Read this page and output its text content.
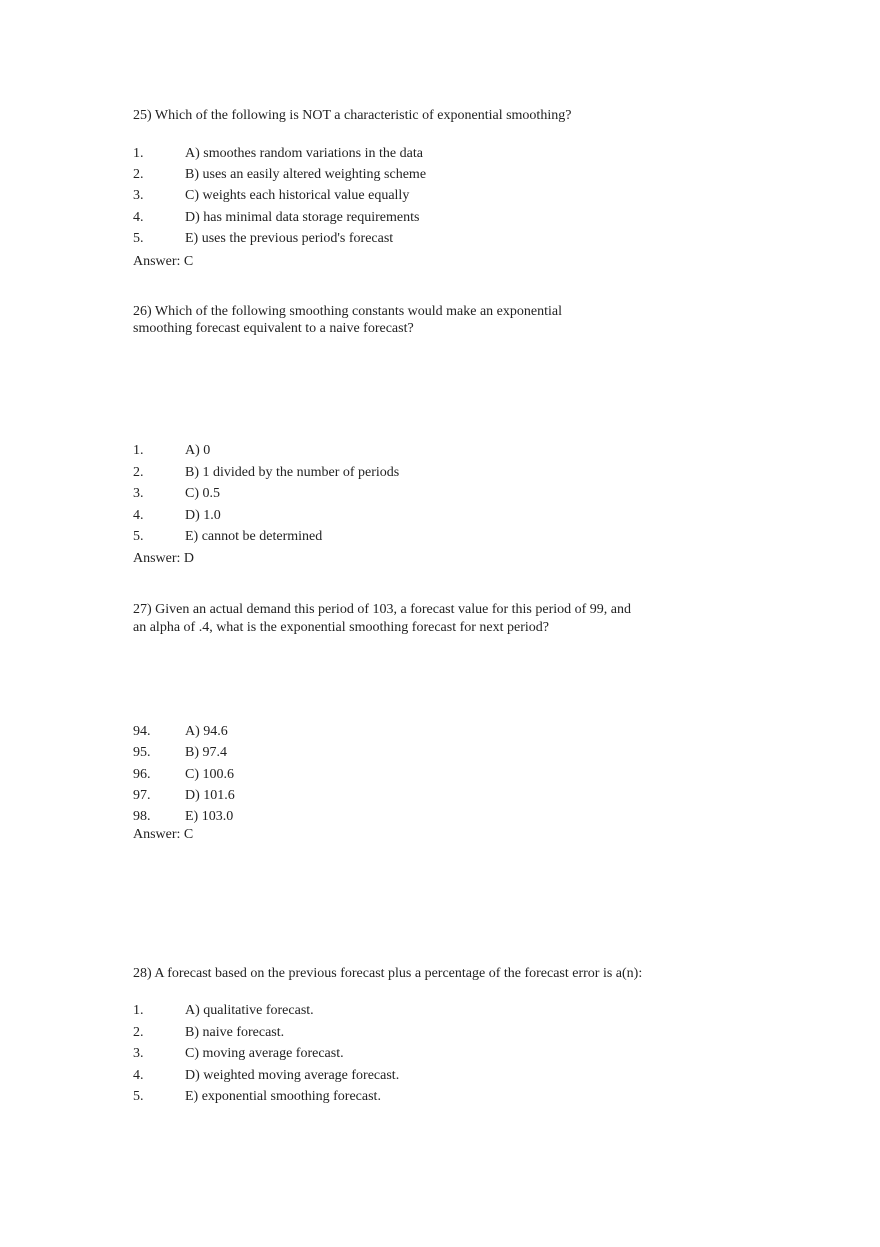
25) Which of the following is NOT a characteristic of exponential smoothing?
1.	A) smoothes random variations in the data
2.	B) uses an easily altered weighting scheme
3.	C) weights each historical value equally
4.	D) has minimal data storage requirements
5.	E) uses the previous period's forecast
Answer: C
26) Which of the following smoothing constants would make an exponential
smoothing forecast equivalent to a naive forecast?
1.	A) 0
2.	B) 1 divided by the number of periods
3.	C) 0.5
4.	D) 1.0
5.	E) cannot be determined
Answer: D
27) Given an actual demand this period of 103, a forecast value for this period of 99, and
an alpha of .4, what is the exponential smoothing forecast for next period?
94. A) 94.6
95. B) 97.4
96. C) 100.6
97. D) 101.6
98. E) 103.0
Answer: C
28) A forecast based on the previous forecast plus a percentage of the forecast error is a(n):
1.	A) qualitative forecast.
2.	B) naive forecast.
3.	C) moving average forecast.
4.	D) weighted moving average forecast.
5.	E) exponential smoothing forecast.
